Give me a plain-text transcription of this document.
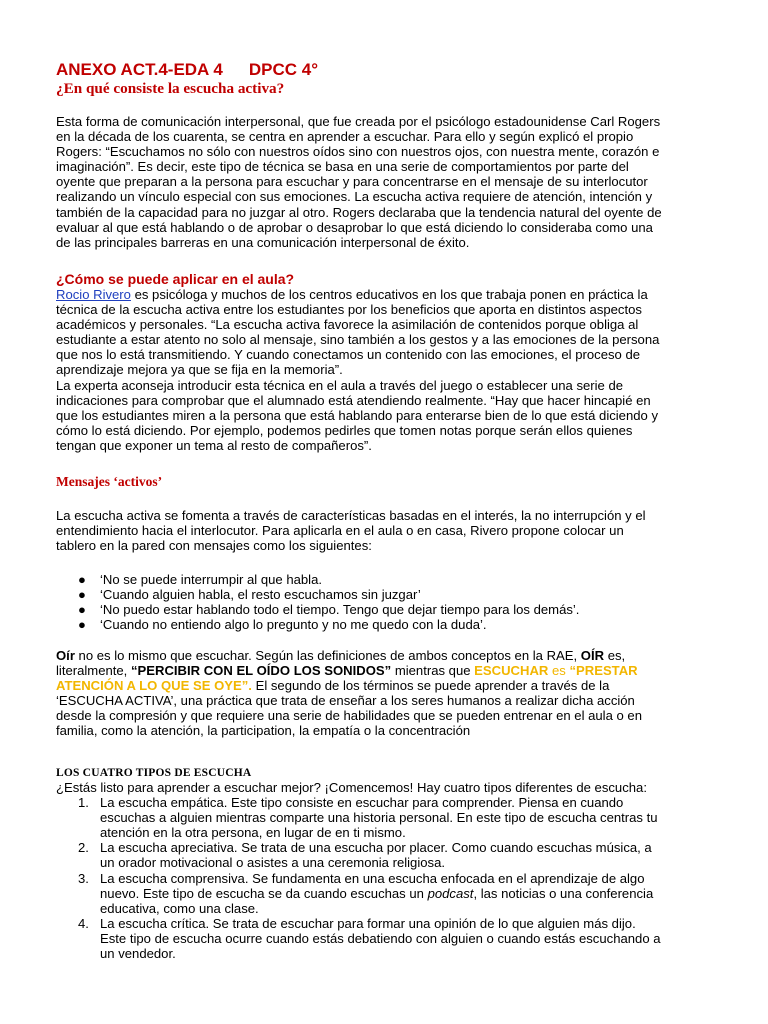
ANEXO ACT.4-EDA 4 DPCC 4°
¿En qué consiste la escucha activa?

Esta forma de comunicación interpersonal, que fue creada por el psicólogo estadounidense Carl Rogers

en la década de los cuarenta, se centra en aprender a escuchar. Para ello y según explicó el propio

Rogers: “Escuchamos no sólo con nuestros oídos sino con nuestros ojos, con nuestra mente, corazón e

imaginación”. Es decir, este tipo de técnica se basa en una serie de comportamientos por parte del

oyente que preparan a la persona para escuchar y para concentrarse en el mensaje de su interlocutor

realizando un vínculo especial con sus emociones. La escucha activa requiere de atención, intención y

también de la capacidad para no juzgar al otro. Rogers declaraba que la tendencia natural del oyente de

evaluar al que está hablando o de aprobar o desaprobar lo que está diciendo lo consideraba como una

de las principales barreras en una comunicación interpersonal de éxito.

¿Cómo se puede aplicar en el aula?

Rocio Rivero es psicóloga y muchos de los centros educativos en los que trabaja ponen en práctica la

técnica de la escucha activa entre los estudiantes por los beneficios que aporta en distintos aspectos

académicos y personales. “La escucha activa favorece la asimilación de contenidos porque obliga al

estudiante a estar atento no solo al mensaje, sino también a los gestos y a las emociones de la persona

que nos lo está transmitiendo. Y cuando conectamos un contenido con las emociones, el proceso de

aprendizaje mejora ya que se fija en la memoria”.

La experta aconseja introducir esta técnica en el aula a través del juego o establecer una serie de

indicaciones para comprobar que el alumnado está atendiendo realmente. “Hay que hacer hincapié en

que los estudiantes miren a la persona que está hablando para enterarse bien de lo que está diciendo y

cómo lo está diciendo. Por ejemplo, podemos pedirles que tomen notas porque serán ellos quienes

tengan que exponer un tema al resto de compañeros”.

Mensajes ‘activos’

La escucha activa se fomenta a través de características basadas en el interés, la no interrupción y el

entendimiento hacia el interlocutor. Para aplicarla en el aula o en casa, Rivero propone colocar un

tablero en la pared con mensajes como los siguientes:

● ‘No se puede interrumpir al que habla.
● ‘Cuando alguien habla, el resto escuchamos sin juzgar’
● ‘No puedo estar hablando todo el tiempo. Tengo que dejar tiempo para los demás’.
● ‘Cuando no entiendo algo lo pregunto y no me quedo con la duda’.

Oír no es lo mismo que escuchar. Según las definiciones de ambos conceptos en la RAE, OÍR es,

literalmente, “PERCIBIR CON EL OÍDO LOS SONIDOS” mientras que ESCUCHAR es “PRESTAR

ATENCIÓN A LO QUE SE OYE”. El segundo de los términos se puede aprender a través de la

‘ESCUCHA ACTIVA’, una práctica que trata de enseñar a los seres humanos a realizar dicha acción

desde la compresión y que requiere una serie de habilidades que se pueden entrenar en el aula o en

familia, como la atención, la participation, la empatía o la concentración

LOS CUATRO TIPOS DE ESCUCHA

¿Estás listo para aprender a escuchar mejor? ¡Comencemos! Hay cuatro tipos diferentes de escucha:

1. La escucha empática. Este tipo consiste en escuchar para comprender. Piensa en cuando
escuchas a alguien mientras comparte una historia personal. En este tipo de escucha centras tu
atención en la otra persona, en lugar de en ti mismo.
2. La escucha apreciativa. Se trata de una escucha por placer. Como cuando escuchas música, a
un orador motivacional o asistes a una ceremonia religiosa.
3. La escucha comprensiva. Se fundamenta en una escucha enfocada en el aprendizaje de algo
nuevo. Este tipo de escucha se da cuando escuchas un podcast, las noticias o una conferencia
educativa, como una clase.
4. La escucha crítica. Se trata de escuchar para formar una opinión de lo que alguien más dijo.
Este tipo de escucha ocurre cuando estás debatiendo con alguien o cuando estás escuchando a
un vendedor.
